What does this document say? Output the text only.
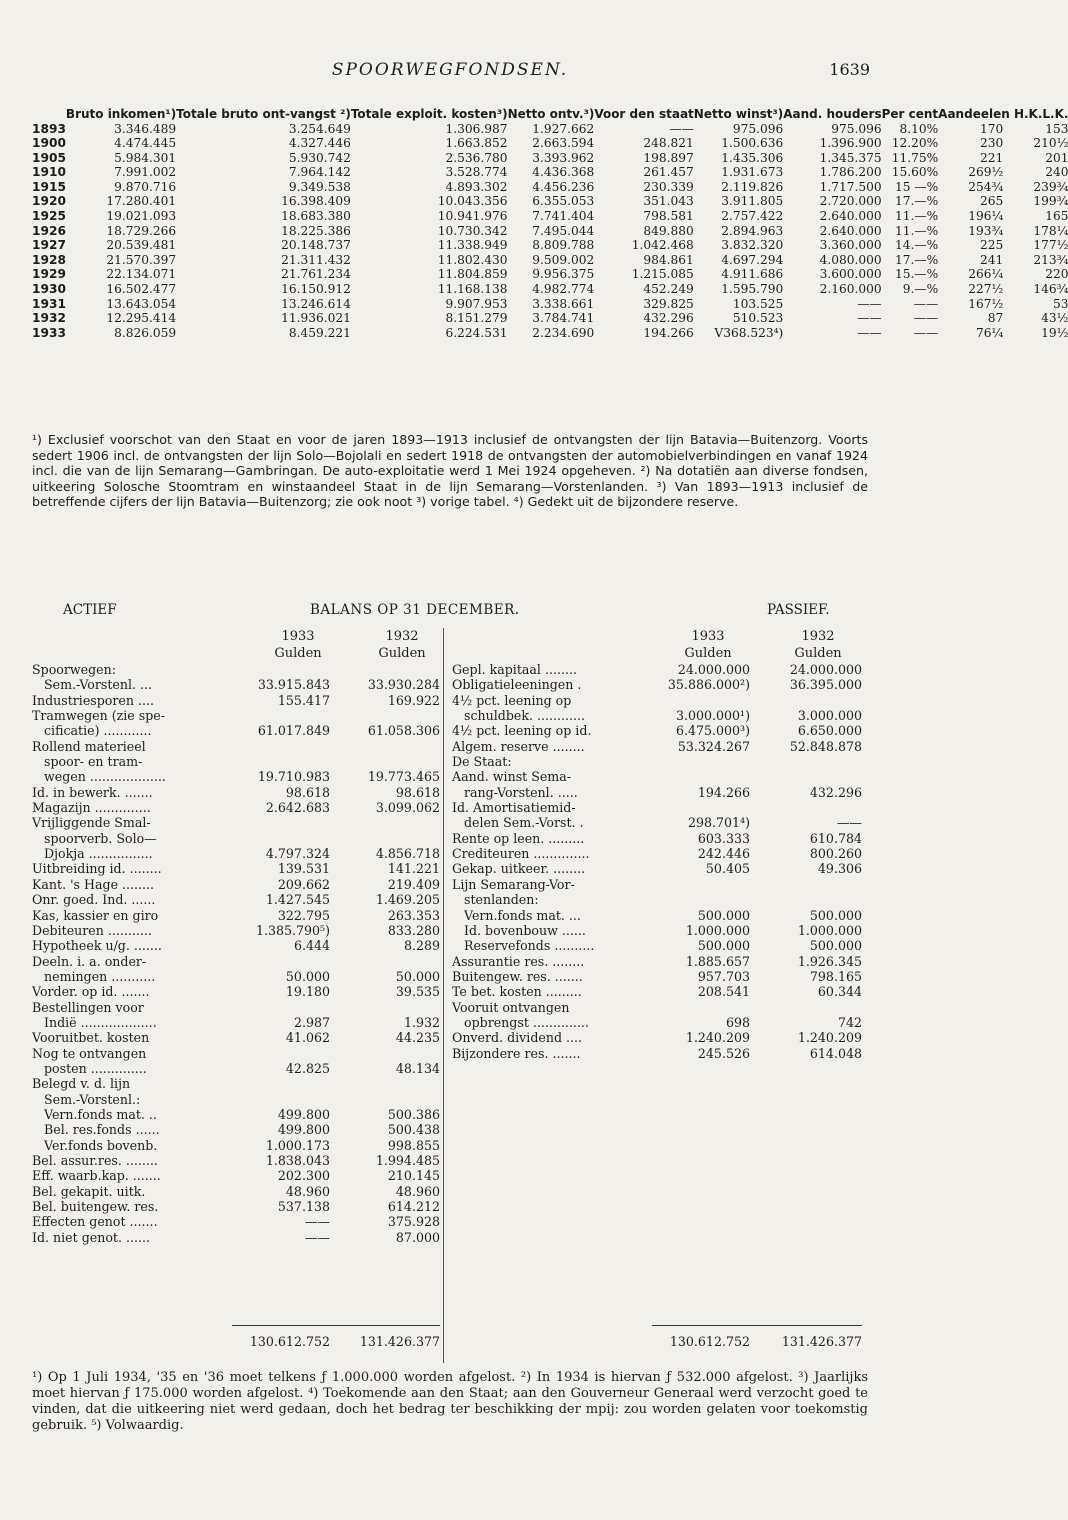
SPOORWEGFONDSEN.	1639
	Bruto inkomen¹)	Totale bruto ont-vangst ²)	Totale exploit. kosten³)	Netto ontv.³)	Voor den staat	Netto winst³)	Aand. houders	Per cent	Aandeelen H.K.L.K.	
1893	3.346.489	3.254.649	1.306.987	1.927.662	——	975.096	975.096	8.10%	170	153
1900	4.474.445	4.327.446	1.663.852	2.663.594	248.821	1.500.636	1.396.900	12.20%	230	210½
1905	5.984.301	5.930.742	2.536.780	3.393.962	198.897	1.435.306	1.345.375	11.75%	221	201
1910	7.991.002	7.964.142	3.528.774	4.436.368	261.457	1.931.673	1.786.200	15.60%	269½	240
1915	9.870.716	9.349.538	4.893.302	4.456.236	230.339	2.119.826	1.717.500	15 —%	254¾	239¾
1920	17.280.401	16.398.409	10.043.356	6.355.053	351.043	3.911.805	2.720.000	17.—%	265	199¾
1925	19.021.093	18.683.380	10.941.976	7.741.404	798.581	2.757.422	2.640.000	11.—%	196¼	165
1926	18.729.266	18.225.386	10.730.342	7.495.044	849.880	2.894.963	2.640.000	11.—%	193¾	178¼
1927	20.539.481	20.148.737	11.338.949	8.809.788	1.042.468	3.832.320	3.360.000	14.—%	225	177½
1928	21.570.397	21.311.432	11.802.430	9.509.002	984.861	4.697.294	4.080.000	17.—%	241	213¾
1929	22.134.071	21.761.234	11.804.859	9.956.375	1.215.085	4.911.686	3.600.000	15.—%	266¼	220
1930	16.502.477	16.150.912	11.168.138	4.982.774	452.249	1.595.790	2.160.000	9.—%	227½	146¾
1931	13.643.054	13.246.614	9.907.953	3.338.661	329.825	103.525	——	——	167½	53
1932	12.295.414	11.936.021	8.151.279	3.784.741	432.296	510.523	——	——	87	43½
1933	8.826.059	8.459.221	6.224.531	2.234.690	194.266	V368.523⁴)	——	——	76¼	19½
¹) Exclusief voorschot van den Staat en voor de jaren 1893—1913 inclusief de ontvangsten der lijn Batavia—Buitenzorg. Voorts sedert 1906 incl. de ontvangsten der lijn Solo—Bojolali en sedert 1918 de ontvangsten der automobielverbindingen en vanaf 1924 incl. die van de lijn Semarang—Gambringan. De auto-exploitatie werd 1 Mei 1924 opgeheven. ²) Na dotatiën aan diverse fondsen, uitkeering Solosche Stoomtram en winstaandeel Staat in de lijn Semarang—Vorstenlanden. ³) Van 1893—1913 inclusief de betreffende cijfers der lijn Batavia—Buitenzorg; zie ook noot ³) vorige tabel. ⁴) Gedekt uit de bijzondere reserve.
ACTIEF	BALANS OP 31 DECEMBER.	PASSIEF.
1933
Gulden
1932
Gulden
1933
Gulden
1932
Gulden
Spoorwegen:
Sem.-Vorstenl. ...	33.915.843	33.930.284
Industriesporen ....	155.417	169.922
Tramwegen (zie spe-
cificatie) ............	61.017.849	61.058.306
Rollend materieel
spoor- en tram-
wegen ...................	19.710.983	19.773.465
Id. in bewerk. .......	98.618	98.618
Magazijn ..............	2.642.683	3.099.062
Vrijliggende Smal-
spoorverb. Solo—
Djokja ................	4.797.324	4.856.718
Uitbreiding id. ........	139.531	141.221
Kant. 's Hage ........	209.662	219.409
Onr. goed. Ind. ......	1.427.545	1.469.205
Kas, kassier en giro	322.795	263.353
Debiteuren ...........	1.385.790⁵)	833.280
Hypotheek u/g. .......	6.444	8.289
Deeln. i. a. onder-
nemingen ...........	50.000	50.000
Vorder. op id. .......	19.180	39.535
Bestellingen voor
Indië ...................	2.987	1.932
Vooruitbet. kosten	41.062	44.235
Nog te ontvangen
posten ..............	42.825	48.134
Belegd v. d. lijn
Sem.-Vorstenl.:
Vern.fonds mat. ..	499.800	500.386
Bel. res.fonds ......	499.800	500.438
Ver.fonds bovenb.	1.000.173	998.855
Bel. assur.res. ........	1.838.043	1.994.485
Eff. waarb.kap. .......	202.300	210.145
Bel. gekapit. uitk.	48.960	48.960
Bel. buitengew. res.	537.138	614.212
Effecten genot .......	——	375.928
Id. niet genot. ......	——	87.000
Gepl. kapitaal ........	24.000.000	24.000.000
Obligatieleeningen .	35.886.000²)	36.395.000
4½ pct. leening op
schuldbek. ............	3.000.000¹)	3.000.000
4½ pct. leening op id.	6.475.000³)	6.650.000
Algem. reserve ........	53.324.267	52.848.878
De Staat:
Aand. winst Sema-
rang-Vorstenl. .....	194.266	432.296
Id. Amortisatiemid-
delen Sem.-Vorst. .	298.701⁴)	——
Rente op leen. .........	603.333	610.784
Crediteuren ..............	242.446	800.260
Gekap. uitkeer. ........	50.405	49.306
Lijn Semarang-Vor-
stenlanden:
Vern.fonds mat. ...	500.000	500.000
Id. bovenbouw ......	1.000.000	1.000.000
Reservefonds ..........	500.000	500.000
Assurantie res. ........	1.885.657	1.926.345
Buitengew. res. .......	957.703	798.165
Te bet. kosten .........	208.541	60.344
Vooruit ontvangen
opbrengst ..............	698	742
Onverd. dividend ....	1.240.209	1.240.209
Bijzondere res. .......	245.526	614.048
130.612.752	131.426.377	130.612.752	131.426.377
¹) Op 1 Juli 1934, '35 en '36 moet telkens ƒ 1.000.000 worden afgelost. ²) In 1934 is hiervan ƒ 532.000 afgelost. ³) Jaarlijks moet hiervan ƒ 175.000 worden afgelost. ⁴) Toekomende aan den Staat; aan den Gouverneur Generaal werd verzocht goed te vinden, dat die uitkeering niet werd gedaan, doch het bedrag ter beschikking der mpij: zou worden gelaten voor toekomstig gebruik. ⁵) Volwaardig.
